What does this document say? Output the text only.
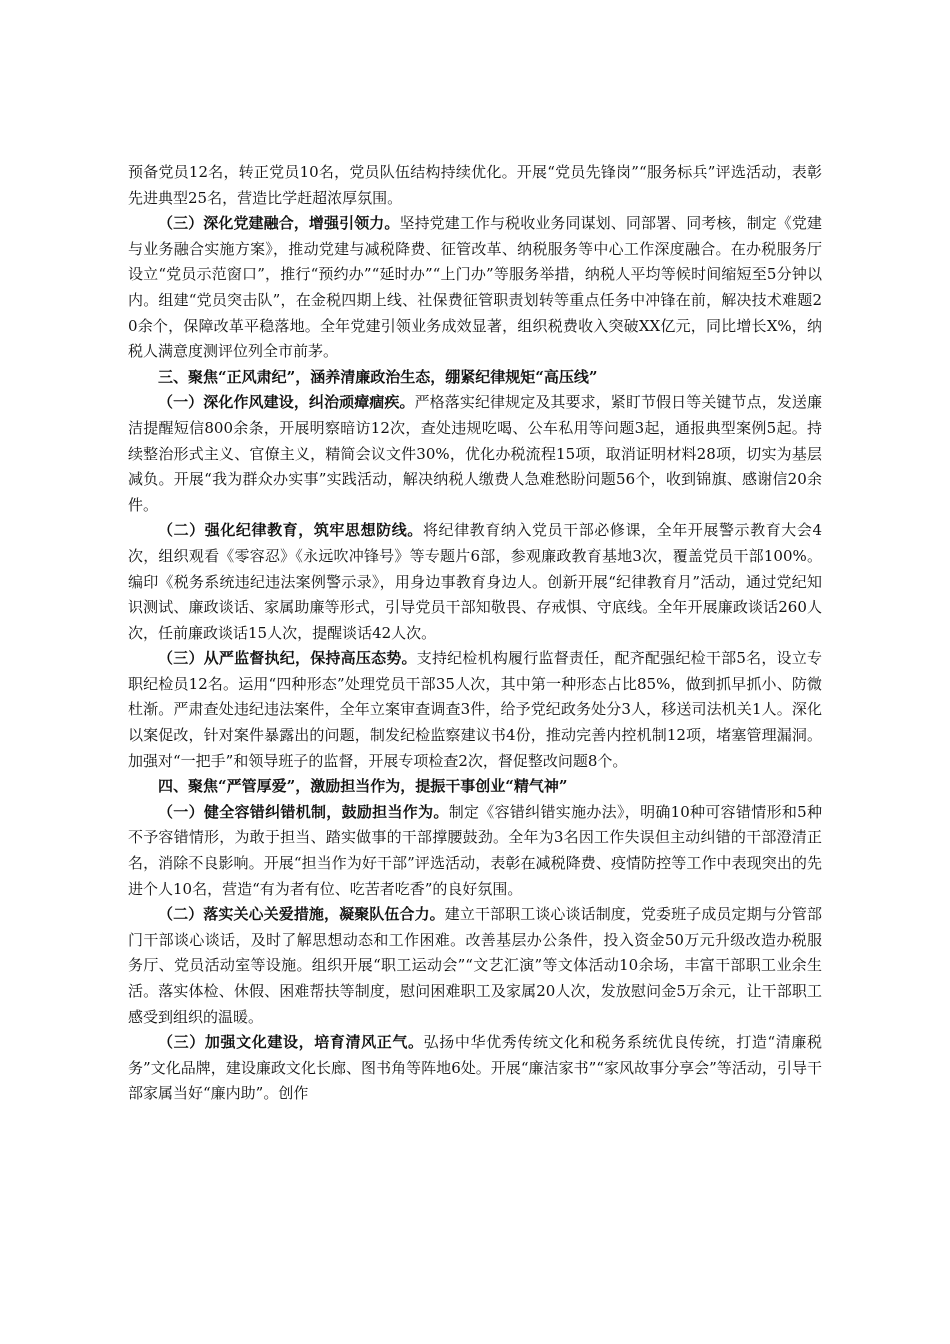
预备党员12名，转正党员10名，党员队伍结构持续优化。开展“党员先锋岗”“服务标兵”评选活动，表彰先进典型25名，营造比学赶超浓厚氛围。

（三）深化党建融合，增强引领力。坚持党建工作与税收业务同谋划、同部署、同考核，制定《党建与业务融合实施方案》，推动党建与减税降费、征管改革、纳税服务等中心工作深度融合。在办税服务厅设立“党员示范窗口”，推行“预约办”“延时办”“上门办”等服务举措，纳税人平均等候时间缩短至5分钟以内。组建“党员突击队”，在金税四期上线、社保费征管职责划转等重点任务中冲锋在前，解决技术难题20余个，保障改革平稳落地。全年党建引领业务成效显著，组织税费收入突破XX亿元，同比增长X%，纳税人满意度测评位列全市前茅。

三、聚焦“正风肃纪”，涵养清廉政治生态，绷紧纪律规矩“高压线”

（一）深化作风建设，纠治顽瘴痼疾。严格落实纪律规定及其要求，紧盯节假日等关键节点，发送廉洁提醒短信800余条，开展明察暗访12次，查处违规吃喝、公车私用等问题3起，通报典型案例5起。持续整治形式主义、官僚主义，精简会议文件30%，优化办税流程15项，取消证明材料28项，切实为基层减负。开展“我为群众办实事”实践活动，解决纳税人缴费人急难愁盼问题56个，收到锦旗、感谢信20余件。

（二）强化纪律教育，筑牢思想防线。将纪律教育纳入党员干部必修课，全年开展警示教育大会4次，组织观看《零容忍》《永远吹冲锋号》等专题片6部，参观廉政教育基地3次，覆盖党员干部100%。编印《税务系统违纪违法案例警示录》，用身边事教育身边人。创新开展“纪律教育月”活动，通过党纪知识测试、廉政谈话、家属助廉等形式，引导党员干部知敬畏、存戒惧、守底线。全年开展廉政谈话260人次，任前廉政谈话15人次，提醒谈话42人次。

（三）从严监督执纪，保持高压态势。支持纪检机构履行监督责任，配齐配强纪检干部5名，设立专职纪检员12名。运用“四种形态”处理党员干部35人次，其中第一种形态占比85%，做到抓早抓小、防微杜渐。严肃查处违纪违法案件，全年立案审查调查3件，给予党纪政务处分3人，移送司法机关1人。深化以案促改，针对案件暴露出的问题，制发纪检监察建议书4份，推动完善内控机制12项，堵塞管理漏洞。加强对“一把手”和领导班子的监督，开展专项检查2次，督促整改问题8个。

四、聚焦“严管厚爱”，激励担当作为，提振干事创业“精气神”

（一）健全容错纠错机制，鼓励担当作为。制定《容错纠错实施办法》，明确10种可容错情形和5种不予容错情形，为敢于担当、踏实做事的干部撑腰鼓劲。全年为3名因工作失误但主动纠错的干部澄清正名，消除不良影响。开展“担当作为好干部”评选活动，表彰在减税降费、疫情防控等工作中表现突出的先进个人10名，营造“有为者有位、吃苦者吃香”的良好氛围。

（二）落实关心关爱措施，凝聚队伍合力。建立干部职工谈心谈话制度，党委班子成员定期与分管部门干部谈心谈话，及时了解思想动态和工作困难。改善基层办公条件，投入资金50万元升级改造办税服务厅、党员活动室等设施。组织开展“职工运动会”“文艺汇演”等文体活动10余场，丰富干部职工业余生活。落实体检、休假、困难帮扶等制度，慰问困难职工及家属20人次，发放慰问金5万余元，让干部职工感受到组织的温暖。

（三）加强文化建设，培育清风正气。弘扬中华优秀传统文化和税务系统优良传统，打造“清廉税务”文化品牌，建设廉政文化长廊、图书角等阵地6处。开展“廉洁家书”“家风故事分享会”等活动，引导干部家属当好“廉内助”。创作
